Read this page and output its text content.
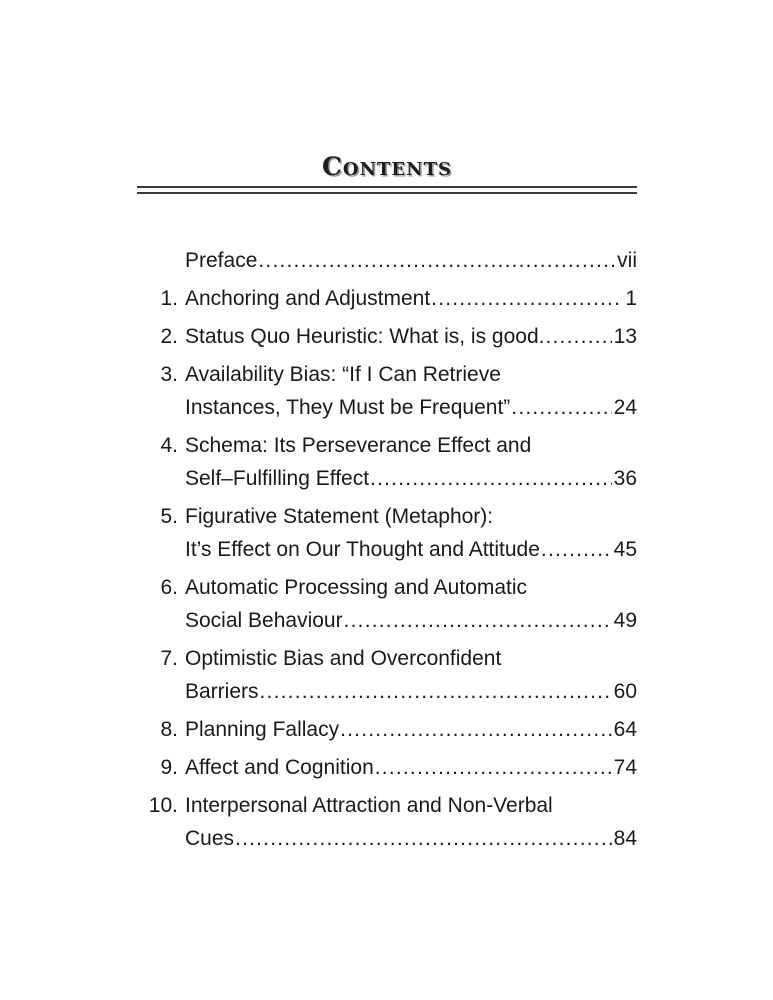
Contents
Preface .....	vii
1. Anchoring and Adjustment .....	1
2. Status Quo Heuristic: What is, is good. .....	13
3. Availability Bias: “If I Can Retrieve
Instances, They Must be Frequent” .....	24
4. Schema: Its Perseverance Effect and
Self–Fulfilling Effect .....	36
5. Figurative Statement (Metaphor):
It’s Effect on Our Thought and Attitude .....	45
6. Automatic Processing and Automatic
Social Behaviour .....	49
7. Optimistic Bias and Overconfident
Barriers .....	60
8. Planning Fallacy .....	64
9. Affect and Cognition .....	74
10. Interpersonal Attraction and Non-Verbal
Cues .....	84
